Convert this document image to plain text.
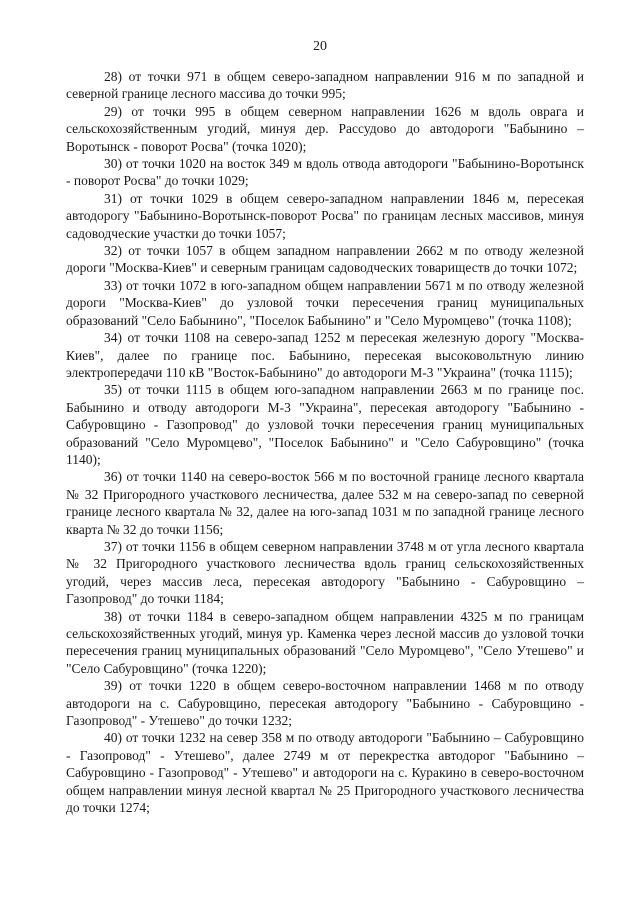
20

28) от точки 971 в общем северо-западном направлении 916 м по западной и северной границе лесного массива до точки 995;

29) от точки 995 в общем северном направлении 1626 м вдоль оврага и сельскохозяйственным угодий, минуя дер. Рассудово до автодороги "Бабынино – Воротынск - поворот Росва" (точка 1020);

30) от точки 1020 на восток 349 м вдоль отвода автодороги "Бабынино-Воротынск - поворот Росва" до точки 1029;

31) от точки 1029 в общем северо-западном направлении 1846 м, пересекая автодорогу "Бабынино-Воротынск-поворот Росва" по границам лесных массивов, минуя садоводческие участки до точки 1057;

32) от точки 1057 в общем западном направлении 2662 м по отводу железной дороги "Москва-Киев" и северным границам садоводческих товариществ до точки 1072;

33) от точки 1072 в юго-западном общем направлении 5671 м по отводу железной дороги "Москва-Киев" до узловой точки пересечения границ муниципальных образований "Село Бабынино", "Поселок Бабынино" и "Село Муромцево" (точка 1108);

34) от точки 1108 на северо-запад 1252 м пересекая железную дорогу "Москва-Киев", далее по границе пос. Бабынино, пересекая высоковольтную линию электропередачи 110 кВ "Восток-Бабынино" до автодороги М-3 "Украина" (точка 1115);

35) от точки 1115 в общем юго-западном направлении 2663 м по границе пос. Бабынино и отводу автодороги М-3 "Украина", пересекая автодорогу "Бабынино - Сабуровщино - Газопровод" до узловой точки пересечения границ муниципальных образований "Село Муромцево", "Поселок Бабынино" и "Село Сабуровщино" (точка 1140);

36) от точки 1140 на северо-восток 566 м по восточной границе лесного квартала № 32 Пригородного участкового лесничества, далее 532 м на северо-запад по северной границе лесного квартала № 32, далее на юго-запад 1031 м по западной границе лесного кварта № 32 до точки 1156;

37) от точки 1156 в общем северном направлении 3748 м от угла лесного квартала № 32 Пригородного участкового лесничества вдоль границ сельскохозяйственных угодий, через массив леса, пересекая автодорогу "Бабынино - Сабуровщино – Газопровод" до точки 1184;

38) от точки 1184 в северо-западном общем направлении 4325 м по границам сельскохозяйственных угодий, минуя ур. Каменка через лесной массив до узловой точки пересечения границ муниципальных образований "Село Муромцево", "Село Утешево" и "Село Сабуровщино" (точка 1220);

39) от точки 1220 в общем северо-восточном направлении 1468 м по отводу автодороги на с. Сабуровщино, пересекая автодорогу "Бабынино - Сабуровщино - Газопровод" - Утешево" до точки 1232;

40) от точки 1232 на север 358 м по отводу автодороги "Бабынино – Сабуровщино - Газопровод" - Утешево", далее 2749 м от перекрестка автодорог "Бабынино – Сабуровщино - Газопровод" - Утешево" и автодороги на с. Куракино в северо-восточном общем направлении минуя лесной квартал № 25 Пригородного участкового лесничества до точки 1274;
